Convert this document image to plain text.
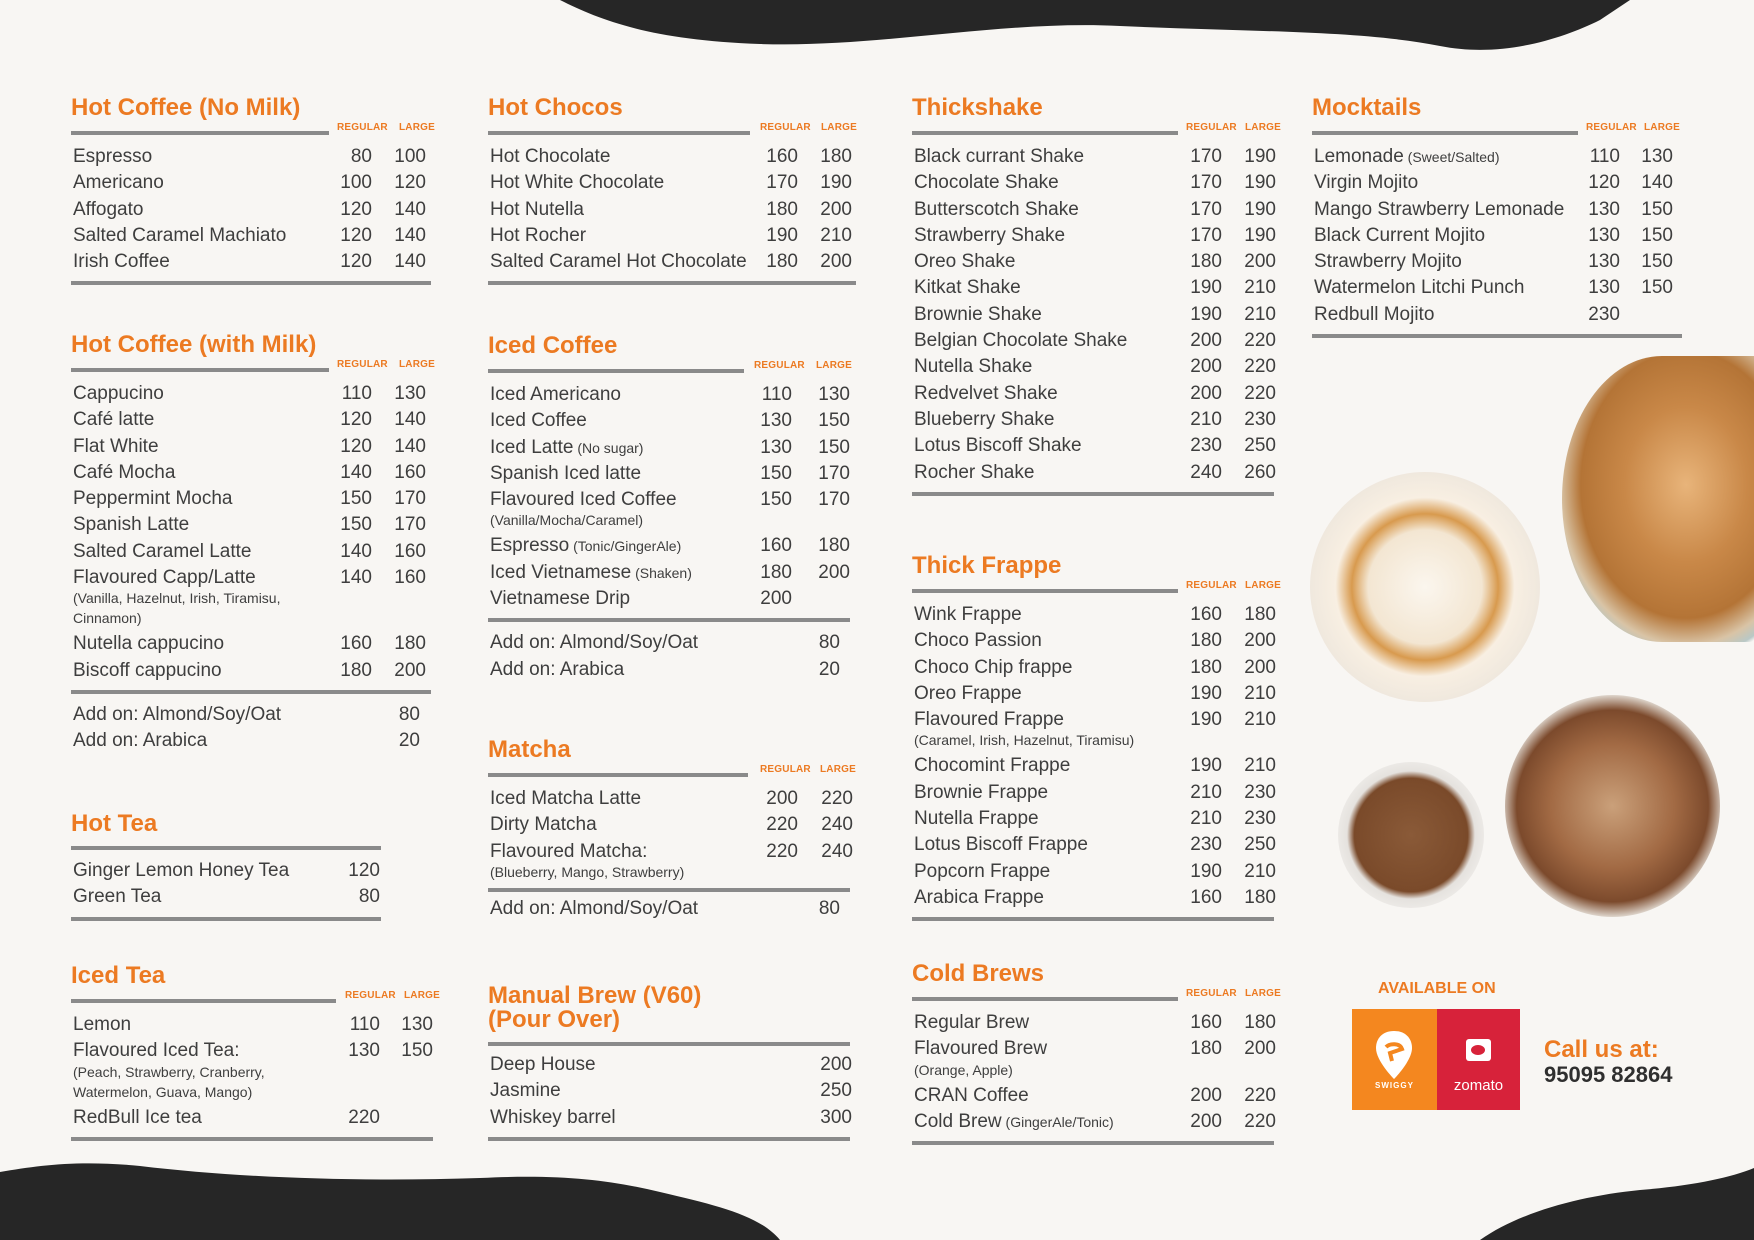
Hot Coffee (No Milk)
REGULAR LARGE
Espresso	80	100
Americano	100	120
Affogato	120	140
Salted Caramel Machiato	120	140
Irish Coffee	120	140
Hot Coffee (with Milk)
REGULAR LARGE
Cappucino	110	130
Café latte	120	140
Flat White	120	140
Café Mocha	140	160
Peppermint Mocha	150	170
Spanish Latte	150	170
Salted Caramel Latte	140	160
Flavoured Capp/Latte	140	160
(Vanilla, Hazelnut, Irish, Tiramisu, Cinnamon)
Nutella cappucino	160	180
Biscoff cappucino	180	200
Add on: Almond/Soy/Oat	80
Add on: Arabica	20
Hot Tea
Ginger Lemon Honey Tea	120
Green Tea	80
Iced Tea
REGULAR LARGE
Lemon	110	130
Flavoured Iced Tea:	130	150
(Peach, Strawberry, Cranberry, Watermelon, Guava, Mango)
RedBull Ice tea	220
Hot Chocos
REGULAR LARGE
Hot Chocolate	160	180
Hot White Chocolate	170	190
Hot Nutella	180	200
Hot Rocher	190	210
Salted Caramel Hot Chocolate	180	200
Iced Coffee
REGULAR LARGE
Iced Americano	110	130
Iced Coffee	130	150
Iced Latte (No sugar)	130	150
Spanish Iced latte	150	170
Flavoured Iced Coffee	150	170
(Vanilla/Mocha/Caramel)
Espresso (Tonic/GingerAle)	160	180
Iced Vietnamese (Shaken)	180	200
Vietnamese Drip	200
Add on: Almond/Soy/Oat	80
Add on: Arabica	20
Matcha
REGULAR LARGE
Iced Matcha Latte	200	220
Dirty Matcha	220	240
Flavoured Matcha:	220	240
(Blueberry, Mango, Strawberry)
Add on: Almond/Soy/Oat	80
Manual Brew (V60)
(Pour Over)
Deep House	200
Jasmine	250
Whiskey barrel	300
Thickshake
REGULAR LARGE
Black currant Shake	170	190
Chocolate Shake	170	190
Butterscotch Shake	170	190
Strawberry Shake	170	190
Oreo Shake	180	200
Kitkat Shake	190	210
Brownie Shake	190	210
Belgian Chocolate Shake	200	220
Nutella Shake	200	220
Redvelvet Shake	200	220
Blueberry Shake	210	230
Lotus Biscoff Shake	230	250
Rocher Shake	240	260
Thick Frappe
REGULAR LARGE
Wink Frappe	160	180
Choco Passion	180	200
Choco Chip frappe	180	200
Oreo Frappe	190	210
Flavoured Frappe	190	210
(Caramel, Irish, Hazelnut, Tiramisu)
Chocomint Frappe	190	210
Brownie Frappe	210	230
Nutella Frappe	210	230
Lotus Biscoff Frappe	230	250
Popcorn Frappe	190	210
Arabica Frappe	160	180
Cold Brews
REGULAR LARGE
Regular Brew	160	180
Flavoured Brew	180	200
(Orange, Apple)
CRAN Coffee	200	220
Cold Brew (GingerAle/Tonic)	200	220
Mocktails
REGULAR LARGE
Lemonade (Sweet/Salted)	110	130
Virgin Mojito	120	140
Mango Strawberry Lemonade	130	150
Black Current Mojito	130	150
Strawberry Mojito	130	150
Watermelon Litchi Punch	130	150
Redbull Mojito	230
AVAILABLE ON
SWIGGY	zomato
Call us at:
95095 82864
